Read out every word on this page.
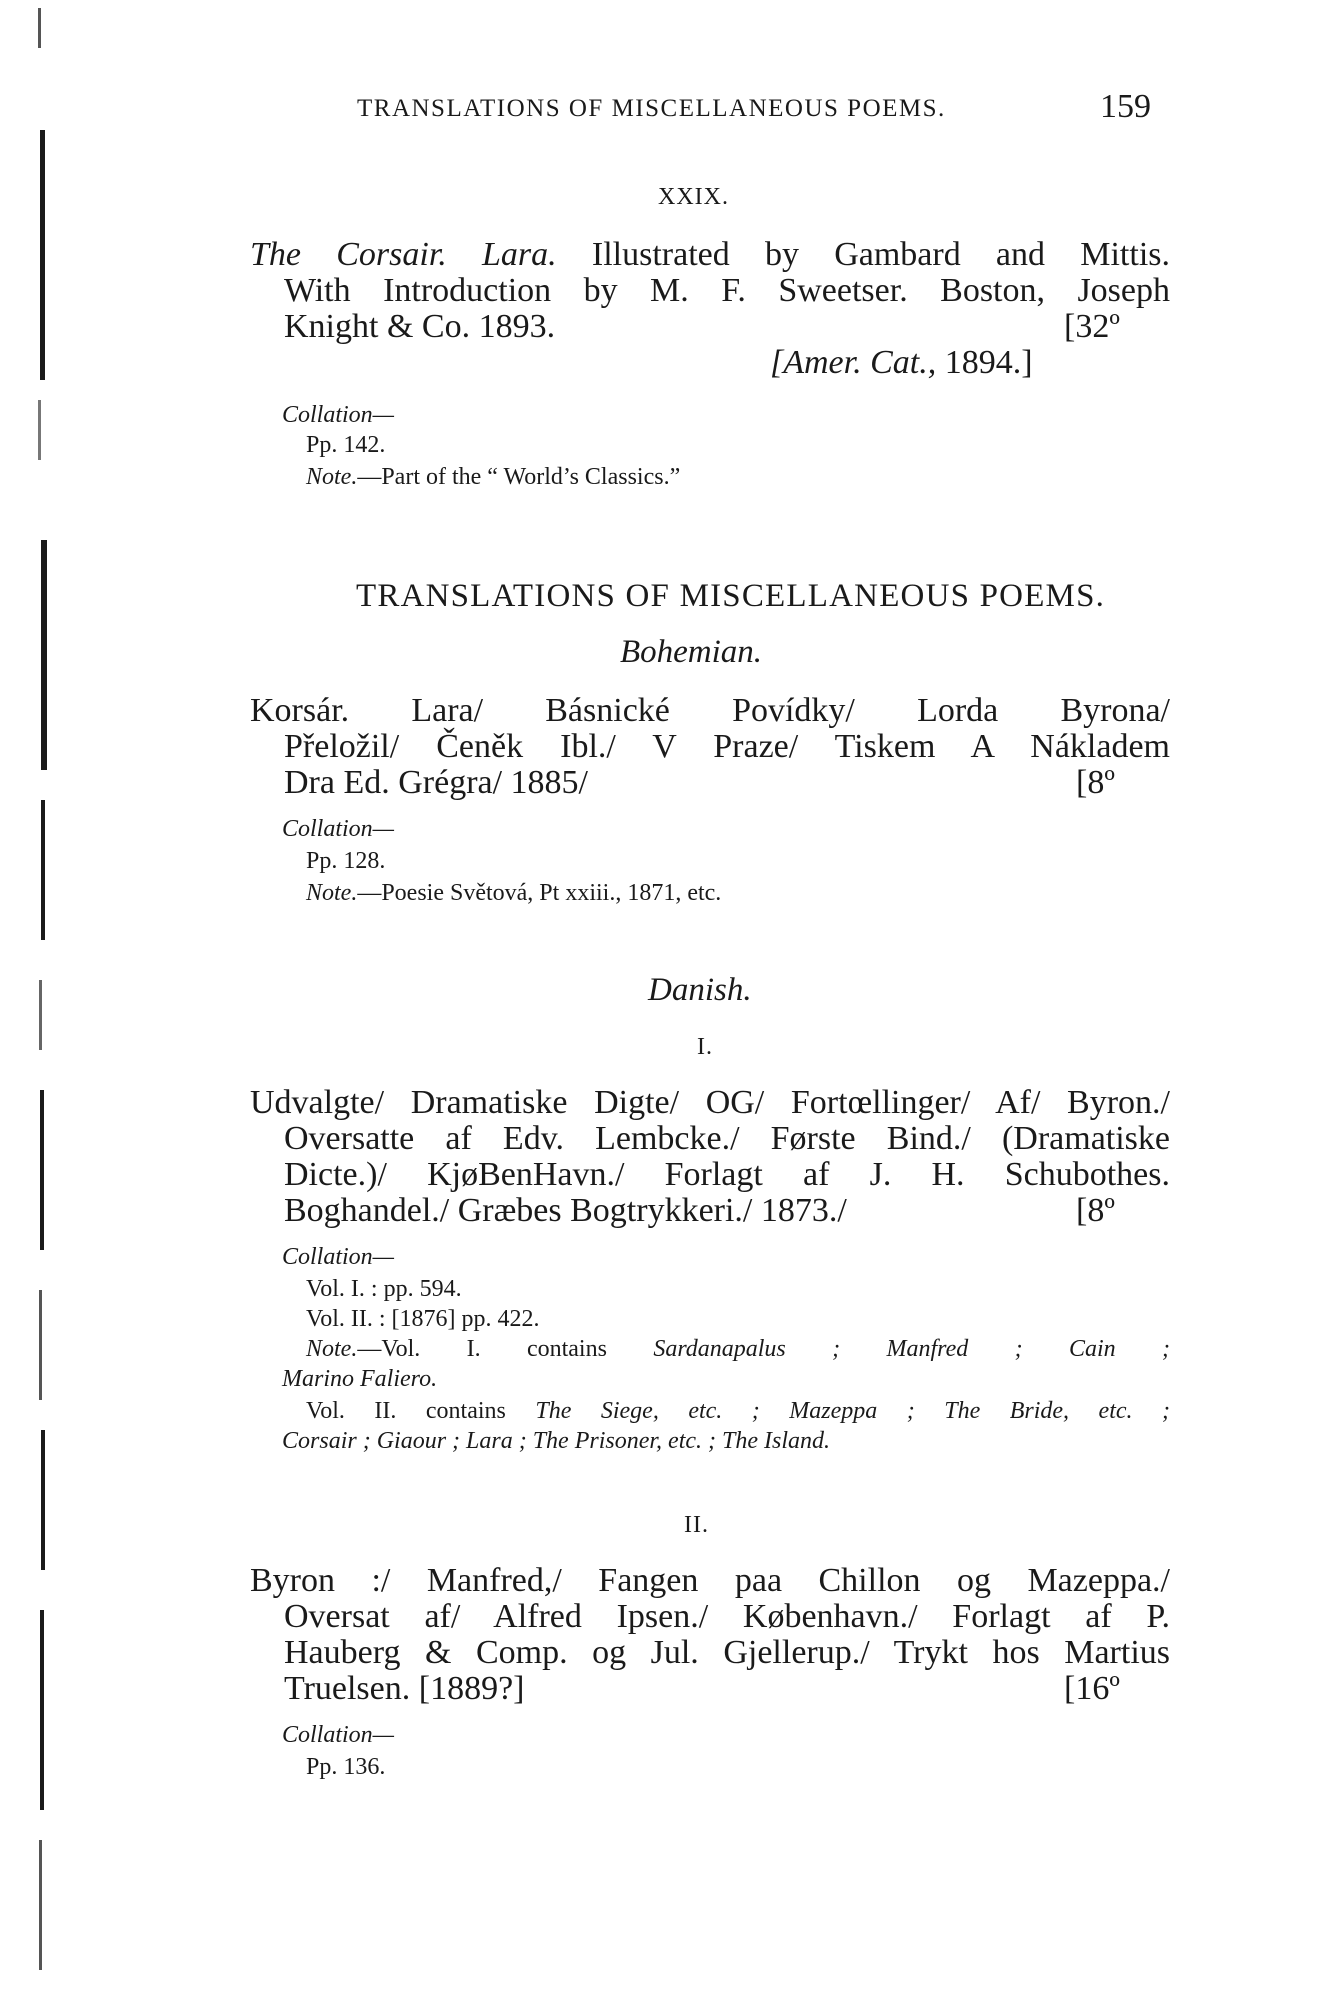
TRANSLATIONS OF MISCELLANEOUS POEMS.	159
XXIX.
The Corsair. Lara. Illustrated by Gambard and Mittis.
With Introduction by M. F. Sweetser. Boston, Joseph
Knight & Co. 1893.	[32º
[Amer. Cat., 1894.]
Collation—
Pp. 142.
Note.—Part of the “ World’s Classics.”
TRANSLATIONS OF MISCELLANEOUS POEMS.
Bohemian.
Korsár. Lara/ Básnické Povídky/ Lorda Byrona/
Přeložil/ Čeněk Ibl./ V Praze/ Tiskem A Nákladem
Dra Ed. Grégra/ 1885/	[8º
Collation—
Pp. 128.
Note.—Poesie Světová, Pt xxiii., 1871, etc.
Danish.
I.
Udvalgte/ Dramatiske Digte/ OG/ Fortœllinger/ Af/ Byron./
Oversatte af Edv. Lembcke./ Første Bind./ (Dramatiske
Dicte.)/ KjøBenHavn./ Forlagt af J. H. Schubothes.
Boghandel./ Græbes Bogtrykkeri./ 1873./	[8º
Collation—
Vol. I. : pp. 594.
Vol. II. : [1876] pp. 422.
Note.—Vol. I. contains Sardanapalus ; Manfred ; Cain ;
Marino Faliero.
Vol. II. contains The Siege, etc. ; Mazeppa ; The Bride, etc. ;
Corsair ; Giaour ; Lara ; The Prisoner, etc. ; The Island.
II.
Byron :/ Manfred,/ Fangen paa Chillon og Mazeppa./
Oversat af/ Alfred Ipsen./ København./ Forlagt af P.
Hauberg & Comp. og Jul. Gjellerup./ Trykt hos Martius
Truelsen. [1889?]	[16º
Collation—
Pp. 136.
